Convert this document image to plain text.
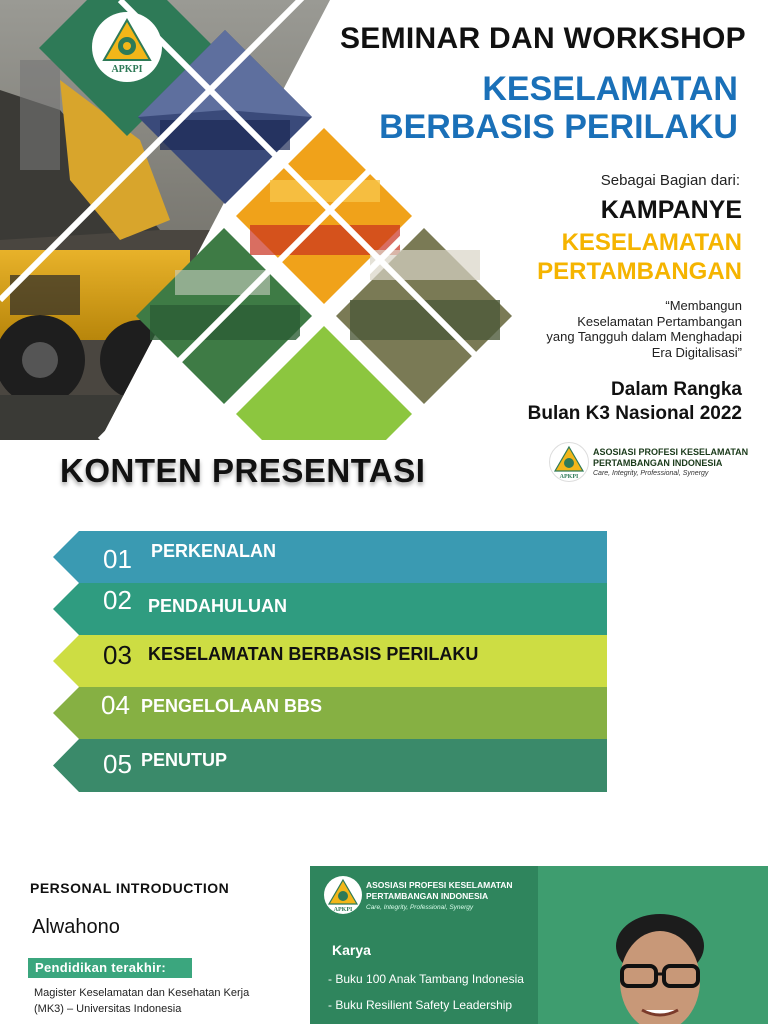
APKPI
SEMINAR DAN WORKSHOP
KESELAMATAN
BERBASIS PERILAKU
Sebagai Bagian dari:
KAMPANYE
KESELAMATAN
PERTAMBANGAN
“Membangun
Keselamatan Pertambangan
yang Tangguh dalam Menghadapi
Era Digitalisasi”
Dalam Rangka
Bulan K3 Nasional 2022
APKPI
ASOSIASI PROFESI KESELAMATAN
PERTAMBANGAN INDONESIA
Care, Integrity, Professional, Synergy
KONTEN PRESENTASI
01 PERKENALAN
02 PENDAHULUAN
03 KESELAMATAN BERBASIS PERILAKU
04 PENGELOLAAN BBS
05 PENUTUP
PERSONAL INTRODUCTION
Alwahono
Pendidikan terakhir:
Magister Keselamatan dan Kesehatan Kerja
(MK3) – Universitas Indonesia
APKPI
ASOSIASI PROFESI KESELAMATAN
PERTAMBANGAN INDONESIA
Care, Integrity, Professional, Synergy
Karya
- Buku 100 Anak Tambang Indonesia
- Buku Resilient Safety Leadership
